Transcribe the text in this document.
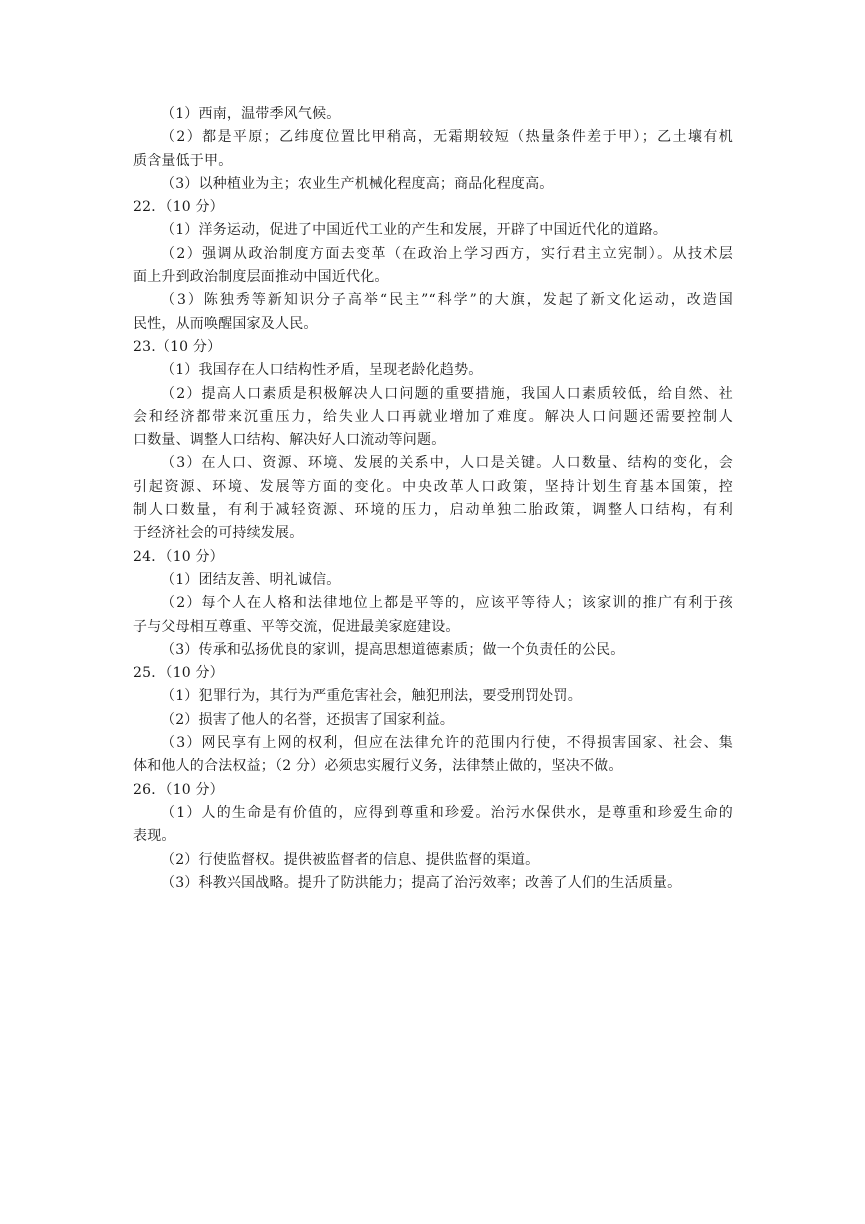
（1）西南，温带季风气候。
（2）都是平原；乙纬度位置比甲稍高，无霜期较短（热量条件差于甲）；乙土壤有机
质含量低于甲。
（3）以种植业为主；农业生产机械化程度高；商品化程度高。
22．（10 分）
（1）洋务运动，促进了中国近代工业的产生和发展，开辟了中国近代化的道路。
（2）强调从政治制度方面去变革（在政治上学习西方，实行君主立宪制）。从技术层
面上升到政治制度层面推动中国近代化。
（3）陈独秀等新知识分子高举“民主”“科学”的大旗，发起了新文化运动，改造国
民性，从而唤醒国家及人民。
23.（10 分）
（1）我国存在人口结构性矛盾，呈现老龄化趋势。
（2）提高人口素质是积极解决人口问题的重要措施，我国人口素质较低，给自然、社
会和经济都带来沉重压力，给失业人口再就业增加了难度。解决人口问题还需要控制人
口数量、调整人口结构、解决好人口流动等问题。
（3）在人口、资源、环境、发展的关系中，人口是关键。人口数量、结构的变化，会
引起资源、环境、发展等方面的变化。中央改革人口政策，坚持计划生育基本国策，控
制人口数量，有利于减轻资源、环境的压力，启动单独二胎政策，调整人口结构，有利
于经济社会的可持续发展。
24．（10 分）
（1）团结友善、明礼诚信。
（2）每个人在人格和法律地位上都是平等的，应该平等待人；该家训的推广有利于孩
子与父母相互尊重、平等交流，促进最美家庭建设。
（3）传承和弘扬优良的家训，提高思想道德素质；做一个负责任的公民。
25．（10 分）
（1）犯罪行为，其行为严重危害社会，触犯刑法，要受刑罚处罚。
（2）损害了他人的名誉，还损害了国家利益。
（3）网民享有上网的权利，但应在法律允许的范围内行使，不得损害国家、社会、集
体和他人的合法权益；（2 分）必须忠实履行义务，法律禁止做的，坚决不做。
26．（10 分）
（1）人的生命是有价值的，应得到尊重和珍爱。治污水保供水，是尊重和珍爱生命的
表现。
（2）行使监督权。提供被监督者的信息、提供监督的渠道。
（3）科教兴国战略。提升了防洪能力；提高了治污效率；改善了人们的生活质量。
